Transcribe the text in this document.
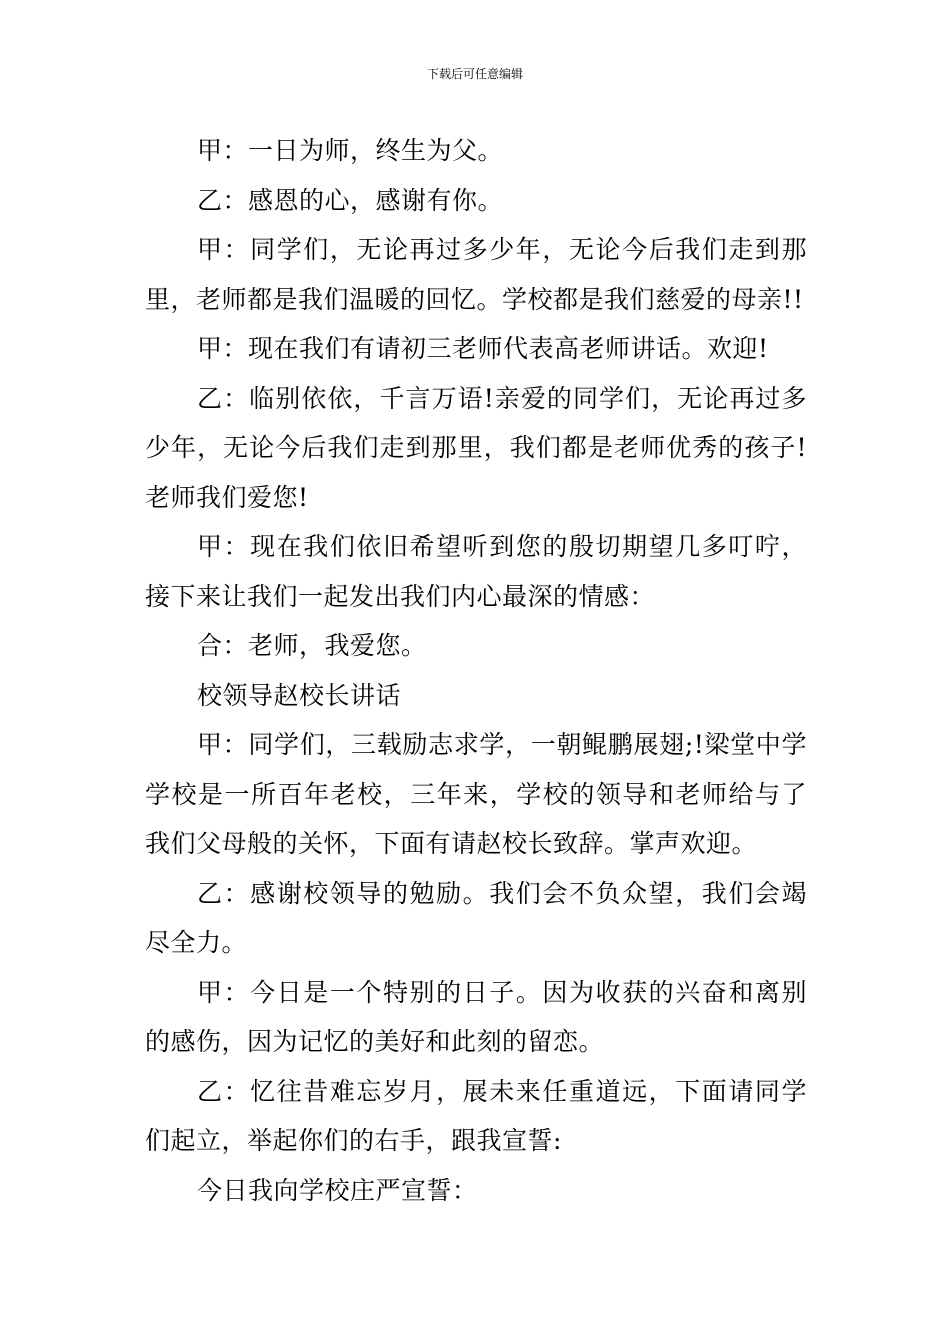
下载后可任意编辑

甲：一日为师，终生为父。

乙：感恩的心，感谢有你。

甲：同学们，无论再过多少年，无论今后我们走到那里，老师都是我们温暖的回忆。学校都是我们慈爱的母亲!!

甲：现在我们有请初三老师代表高老师讲话。欢迎!

乙：临别依依，千言万语!亲爱的同学们，无论再过多少年，无论今后我们走到那里，我们都是老师优秀的孩子!老师我们爱您!

甲：现在我们依旧希望听到您的殷切期望几多叮咛，接下来让我们一起发出我们内心最深的情感：

合：老师，我爱您。

校领导赵校长讲话

甲：同学们，三载励志求学，一朝鲲鹏展翅;!梁堂中学学校是一所百年老校，三年来，学校的领导和老师给与了我们父母般的关怀，下面有请赵校长致辞。掌声欢迎。

乙：感谢校领导的勉励。我们会不负众望，我们会竭尽全力。

甲：今日是一个特别的日子。因为收获的兴奋和离别的感伤，因为记忆的美好和此刻的留恋。

乙：忆往昔难忘岁月，展未来任重道远，下面请同学们起立，举起你们的右手，跟我宣誓:

今日我向学校庄严宣誓：
